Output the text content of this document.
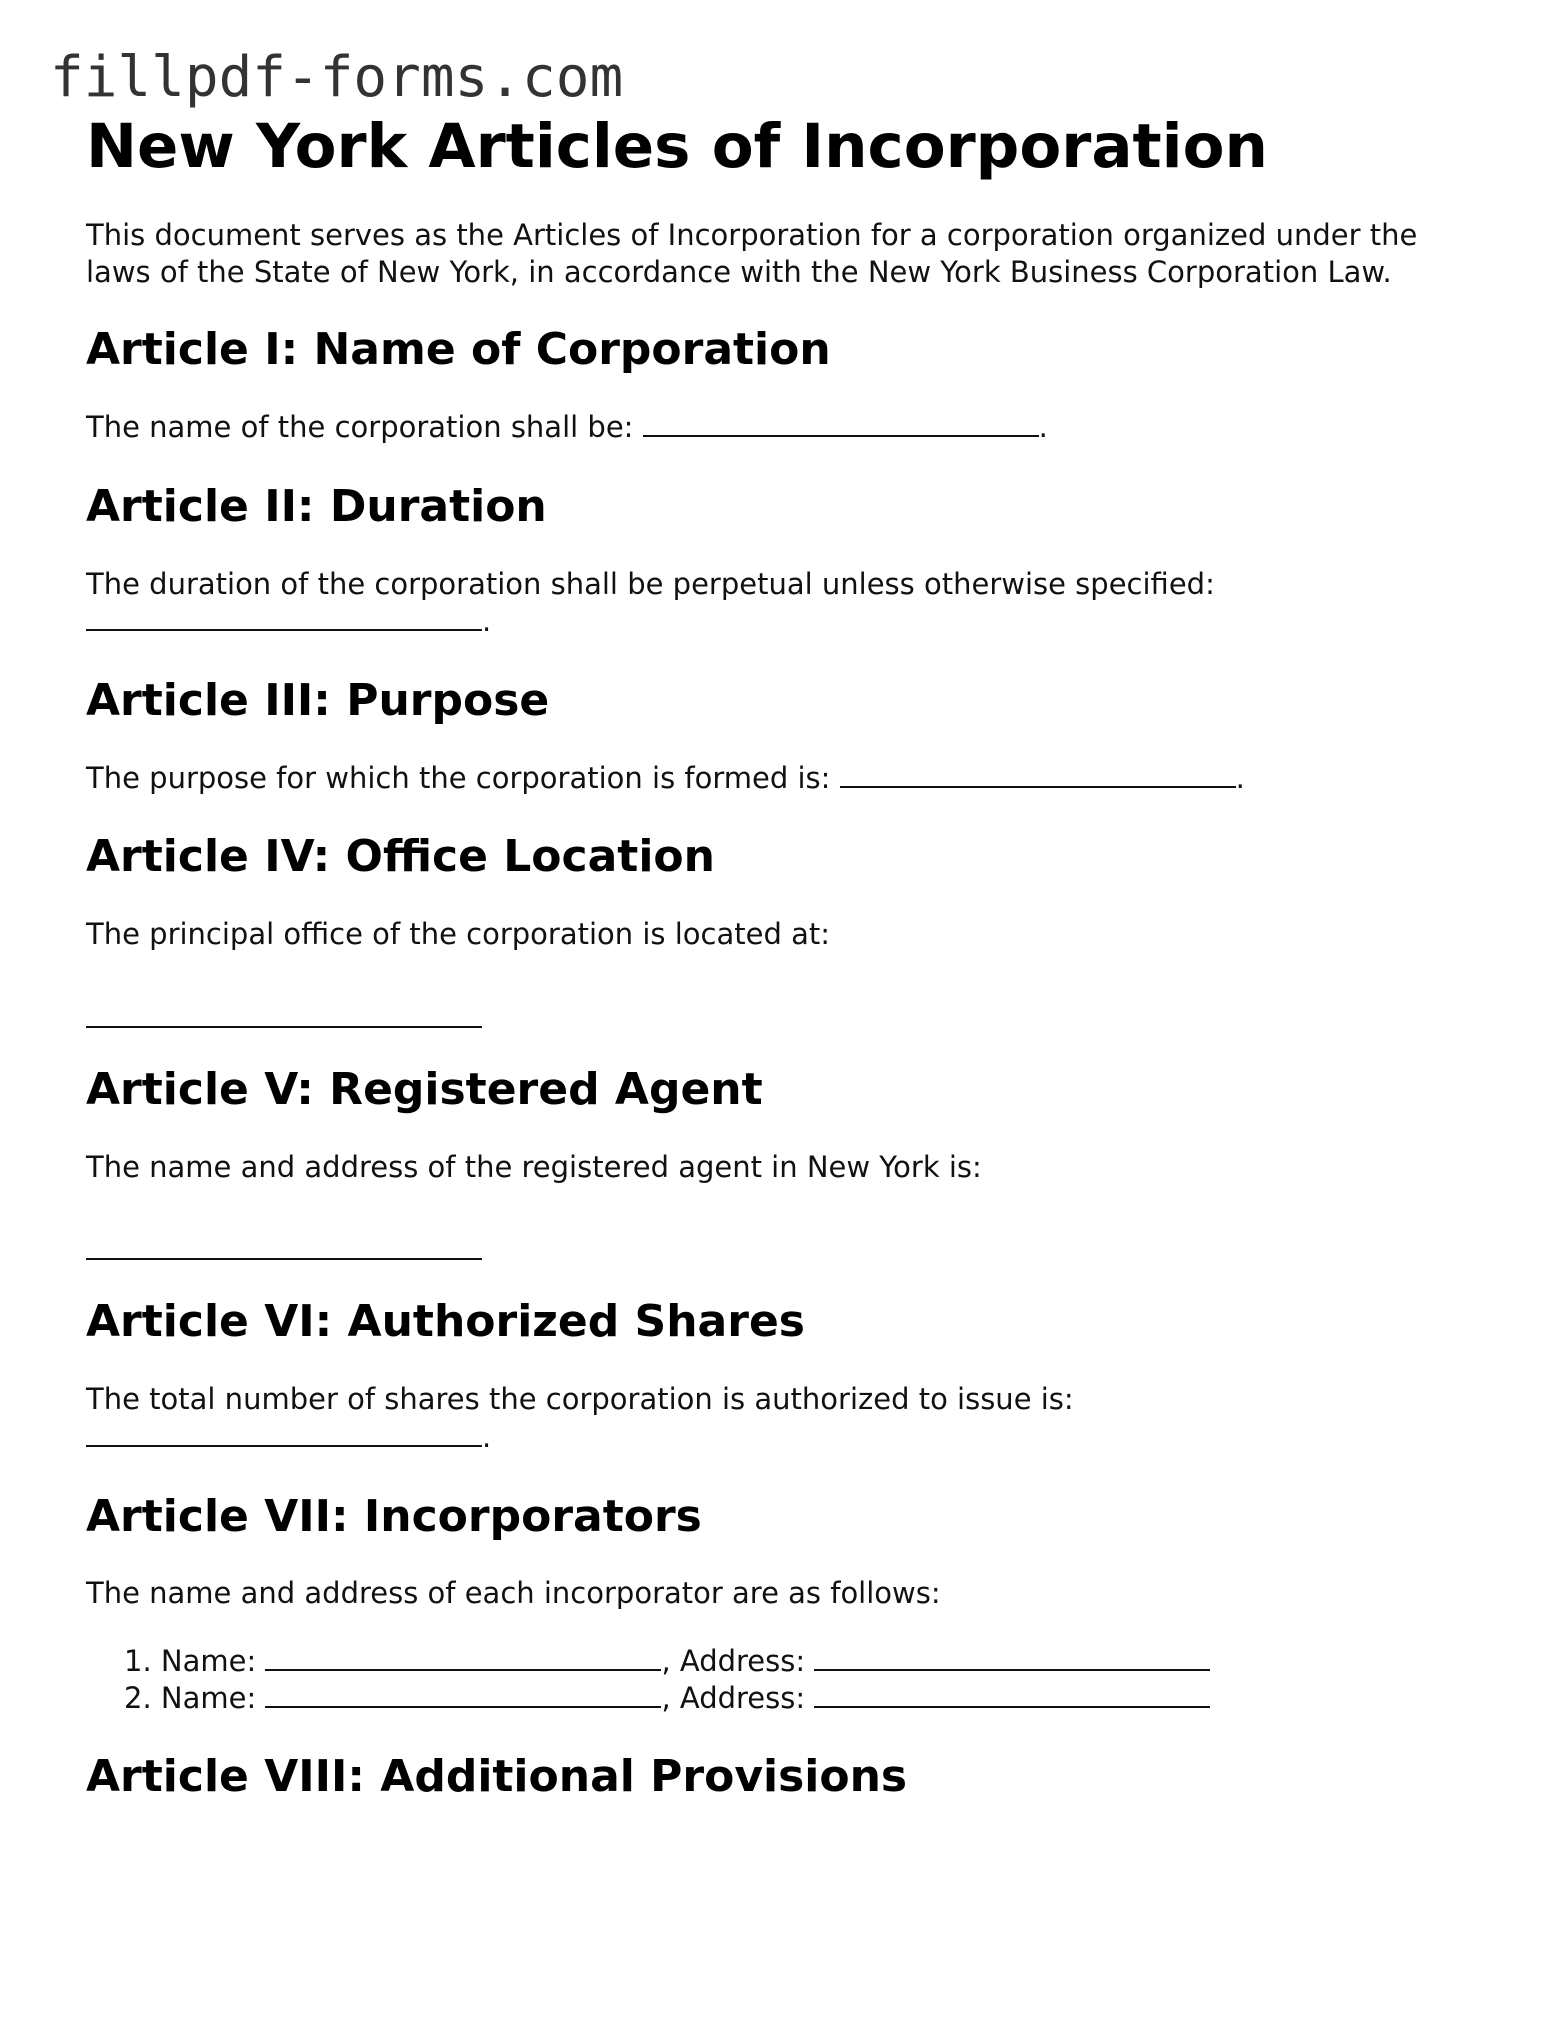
fillpdf-forms.com
New York Articles of Incorporation

This document serves as the Articles of Incorporation for a corporation organized under the laws of the State of New York, in accordance with the New York Business Corporation Law.

Article I: Name of Corporation

The name of the corporation shall be:	.

Article II: Duration

The duration of the corporation shall be perpetual unless otherwise specified:
.

Article III: Purpose

The purpose for which the corporation is formed is:	.

Article IV: Office Location

The principal office of the corporation is located at:

Article V: Registered Agent

The name and address of the registered agent in New York is:

Article VI: Authorized Shares

The total number of shares the corporation is authorized to issue is:
.

Article VII: Incorporators

The name and address of each incorporator are as follows:

1. Name:	, Address:
2. Name:	, Address:
Article VIII: Additional Provisions
